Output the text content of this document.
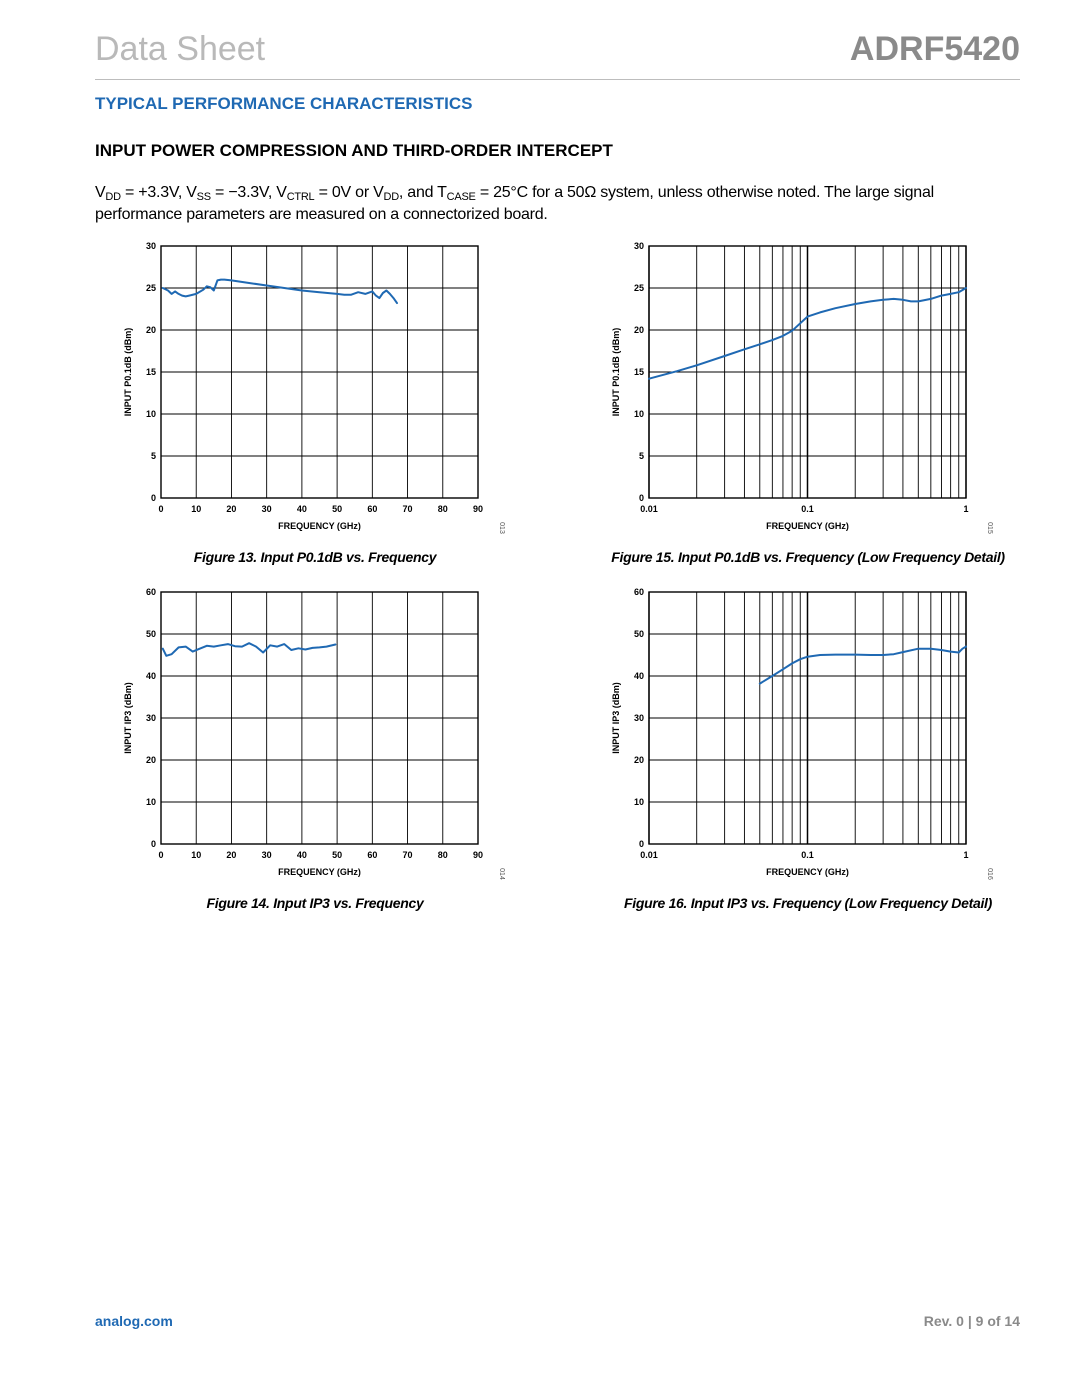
Data Sheet	ADRF5420
TYPICAL PERFORMANCE CHARACTERISTICS
INPUT POWER COMPRESSION AND THIRD-ORDER INTERCEPT
$V_{DD} = +3.3V$, $V_{SS} = -3.3V$, $V_{CTRL} = 0V$ or $V_{DD}$, and $T_{CASE} = 25^\circ C$ for a 50Ω system, unless otherwise noted. The large signal performance parameters are measured on a connectorized board.
0
5
10
15
20
25
30
0	10	20	30	40	50	60	70	80	90
FREQUENCY (GHz)
INPUT P0.1dB (dBm)
013
Figure 13. Input P0.1dB vs. Frequency
0
5
10
15
20
25
30
0.01	0.1	1
FREQUENCY (GHz)
INPUT P0.1dB (dBm)
015
Figure 15. Input P0.1dB vs. Frequency (Low Frequency Detail)
0
10
20
30
40
50
60
0	10	20	30	40	50	60	70	80	90
FREQUENCY (GHz)
INPUT IP3 (dBm)
014
Figure 14. Input IP3 vs. Frequency
0
10
20
30
40
50
60
0.01	0.1	1
FREQUENCY (GHz)
INPUT IP3 (dBm)
016
Figure 16. Input IP3 vs. Frequency (Low Frequency Detail)
analog.com	Rev. 0 | 9 of 14
